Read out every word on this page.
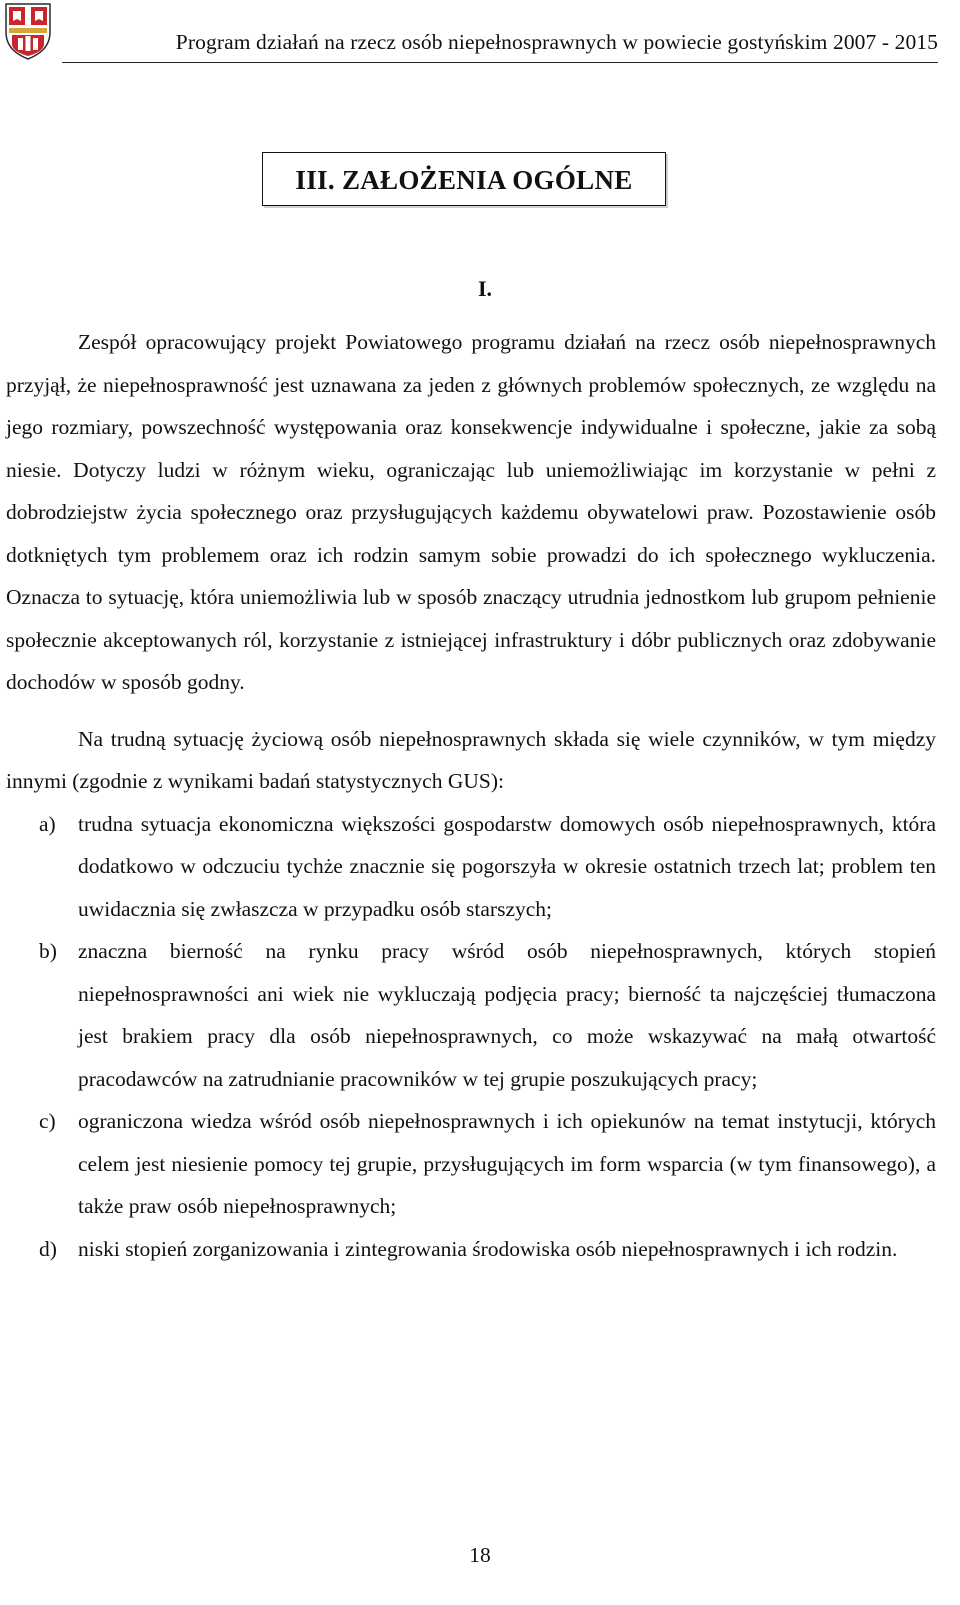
Program działań na rzecz osób niepełnosprawnych w powiecie gostyńskim 2007 - 2015
III. ZAŁOŻENIA OGÓLNE
I.

Zespół opracowujący projekt Powiatowego programu działań na rzecz osób niepełnosprawnych przyjął, że niepełnosprawność jest uznawana za jeden z głównych problemów społecznych, ze względu na jego rozmiary, powszechność występowania oraz konsekwencje indywidualne i społeczne, jakie za sobą niesie. Dotyczy ludzi w różnym wieku, ograniczając lub uniemożliwiając im korzystanie w pełni z dobrodziejstw życia społecznego oraz przysługujących każdemu obywatelowi praw. Pozostawienie osób dotkniętych tym problemem oraz ich rodzin samym sobie prowadzi do ich społecznego wykluczenia. Oznacza to sytuację, która uniemożliwia lub w sposób znaczący utrudnia jednostkom lub grupom pełnienie społecznie akceptowanych ról, korzystanie z istniejącej infrastruktury i dóbr publicznych oraz zdobywanie dochodów w sposób godny.

Na trudną sytuację życiową osób niepełnosprawnych składa się wiele czynników, w tym między innymi (zgodnie z wynikami badań statystycznych GUS):

a) trudna sytuacja ekonomiczna większości gospodarstw domowych osób niepełnosprawnych, która dodatkowo w odczuciu tychże znacznie się pogorszyła w okresie ostatnich trzech lat; problem ten uwidacznia się zwłaszcza w przypadku osób starszych;
b) znaczna bierność na rynku pracy wśród osób niepełnosprawnych, których stopień niepełnosprawności ani wiek nie wykluczają podjęcia pracy; bierność ta najczęściej tłumaczona jest brakiem pracy dla osób niepełnosprawnych, co może wskazywać na małą otwartość pracodawców na zatrudnianie pracowników w tej grupie poszukujących pracy;
c) ograniczona wiedza wśród osób niepełnosprawnych i ich opiekunów na temat instytucji, których celem jest niesienie pomocy tej grupie, przysługujących im form wsparcia (w tym finansowego), a także praw osób niepełnosprawnych;
d) niski stopień zorganizowania i zintegrowania środowiska osób niepełnosprawnych i ich rodzin.
18
